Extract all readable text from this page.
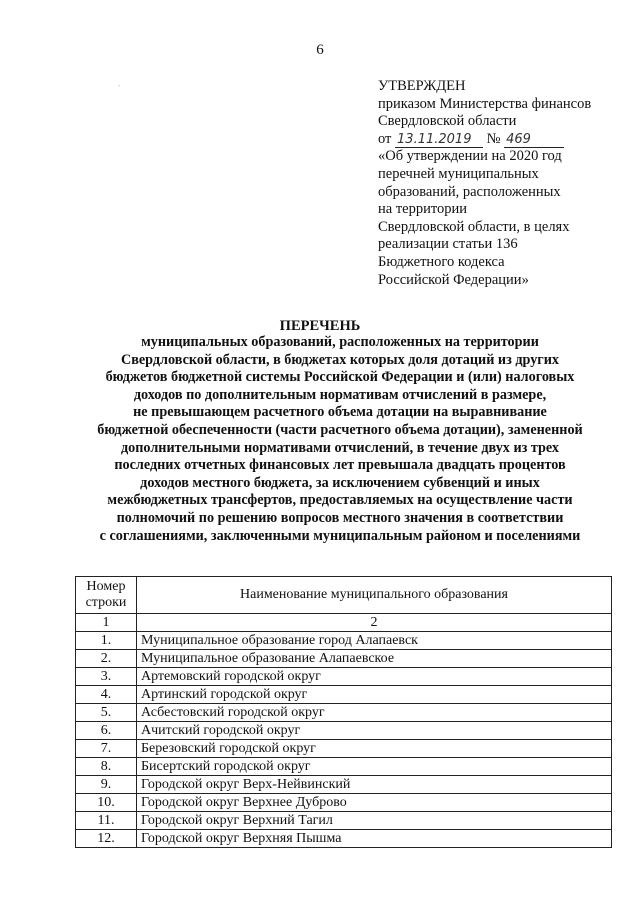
6
ˋ	УТВЕРЖДЕН
приказом Министерства финансов
Свердловской области
от 13.11.2019 № 469
«Об утверждении на 2020 год
перечней муниципальных
образований, расположенных
на территории
Свердловской области, в целях
реализации статьи 136
Бюджетного кодекса
Российской Федерации»
ПЕРЕЧЕНЬ
муниципальных образований, расположенных на территории
Свердловской области, в бюджетах которых доля дотаций из других
бюджетов бюджетной системы Российской Федерации и (или) налоговых
доходов по дополнительным нормативам отчислений в размере,
не превышающем расчетного объема дотации на выравнивание
бюджетной обеспеченности (части расчетного объема дотации), замененной
дополнительными нормативами отчислений, в течение двух из трех
последних отчетных финансовых лет превышала двадцать процентов
доходов местного бюджета, за исключением субвенций и иных
межбюджетных трансфертов, предоставляемых на осуществление части
полномочий по решению вопросов местного значения в соответствии
с соглашениями, заключенными муниципальным районом и поселениями
Номер строки	Наименование муниципального образования
1	2
1.	Муниципальное образование город Алапаевск
2.	Муниципальное образование Алапаевское
3.	Артемовский городской округ
4.	Артинский городской округ
5.	Асбестовский городской округ
6.	Ачитский городской округ
7.	Березовский городской округ
8.	Бисертский городской округ
9.	Городской округ Верх-Нейвинский
10.	Городской округ Верхнее Дуброво
11.	Городской округ Верхний Тагил
12.	Городской округ Верхняя Пышма
